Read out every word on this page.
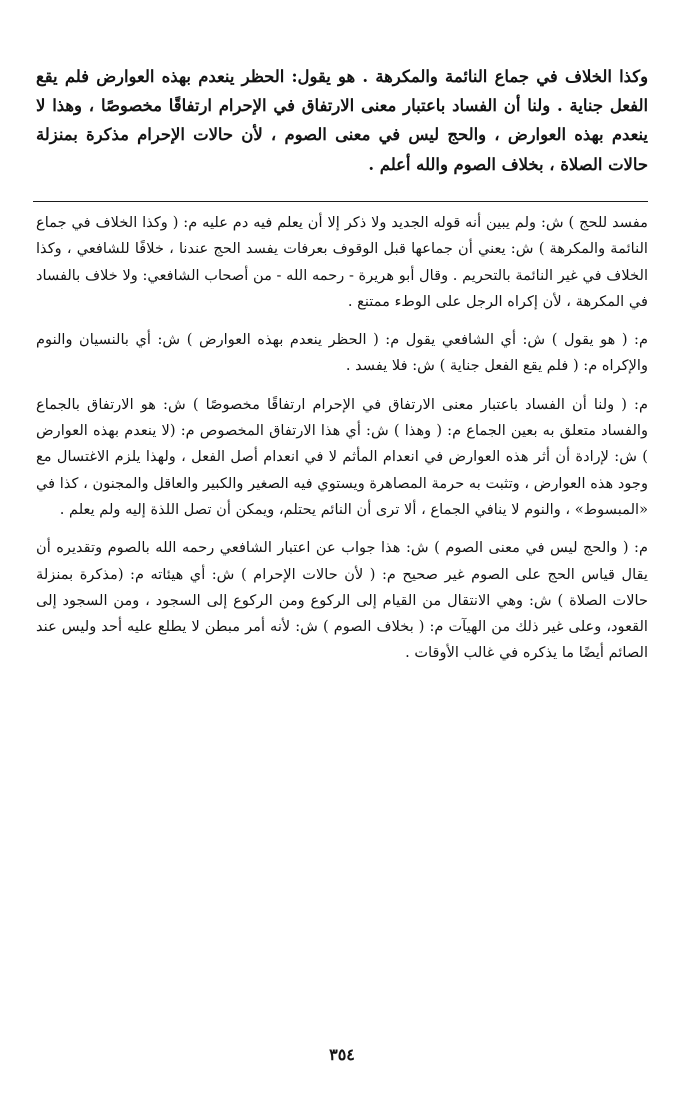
وكذا الخلاف في جماع النائمة والمكرهة . هو يقول: الحظر ينعدم بهذه العوارض فلم يقع الفعل جناية . ولنا أن الفساد باعتبار معنى الارتفاق في الإحرام ارتفاقًا مخصوصًا ، وهذا لا ينعدم بهذه العوارض ، والحج ليس في معنى الصوم ، لأن حالات الإحرام مذكرة بمنزلة حالات الصلاة ، بخلاف الصوم والله أعلم .

مفسد للحج ) ش: ولم يبين أنه قوله الجديد ولا ذكر إلا أن يعلم فيه دم عليه م: ( وكذا الخلاف في جماع النائمة والمكرهة ) ش: يعني أن جماعها قبل الوقوف بعرفات يفسد الحج عندنا ، خلافًا للشافعي ، وكذا الخلاف في غير النائمة بالتحريم . وقال أبو هريرة - رحمه الله - من أصحاب الشافعي: ولا خلاف بالفساد في المكرهة ، لأن إكراه الرجل على الوطء ممتنع .

م: ( هو يقول ) ش: أي الشافعي يقول م: ( الحظر ينعدم بهذه العوارض ) ش: أي بالنسيان والنوم والإكراه م: ( فلم يقع الفعل جناية ) ش: فلا يفسد .

م: ( ولنا أن الفساد باعتبار معنى الارتفاق في الإحرام ارتفاقًا مخصوصًا ) ش: هو الارتفاق بالجماع والفساد متعلق به بعين الجماع م: ( وهذا ) ش: أي هذا الارتفاق المخصوص م: (لا ينعدم بهذه العوارض ) ش: لإرادة أن أثر هذه العوارض في انعدام المأثم لا في انعدام أصل الفعل ، ولهذا يلزم الاغتسال مع وجود هذه العوارض ، وتثبت به حرمة المصاهرة ويستوي فيه الصغير والكبير والعاقل والمجنون ، كذا في «المبسوط» ، والنوم لا ينافي الجماع ، ألا ترى أن النائم يحتلم، ويمكن أن تصل اللذة إليه ولم يعلم .

م: ( والحج ليس في معنى الصوم ) ش: هذا جواب عن اعتبار الشافعي رحمه الله بالصوم وتقديره أن يقال قياس الحج على الصوم غير صحيح م: ( لأن حالات الإحرام ) ش: أي هيئاته م: (مذكرة بمنزلة حالات الصلاة ) ش: وهي الانتقال من القيام إلى الركوع ومن الركوع إلى السجود ، ومن السجود إلى القعود، وعلى غير ذلك من الهيآت م: ( بخلاف الصوم ) ش: لأنه أمر مبطن لا يطلع عليه أحد وليس عند الصائم أيضًا ما يذكره في غالب الأوقات .

٣٥٤
